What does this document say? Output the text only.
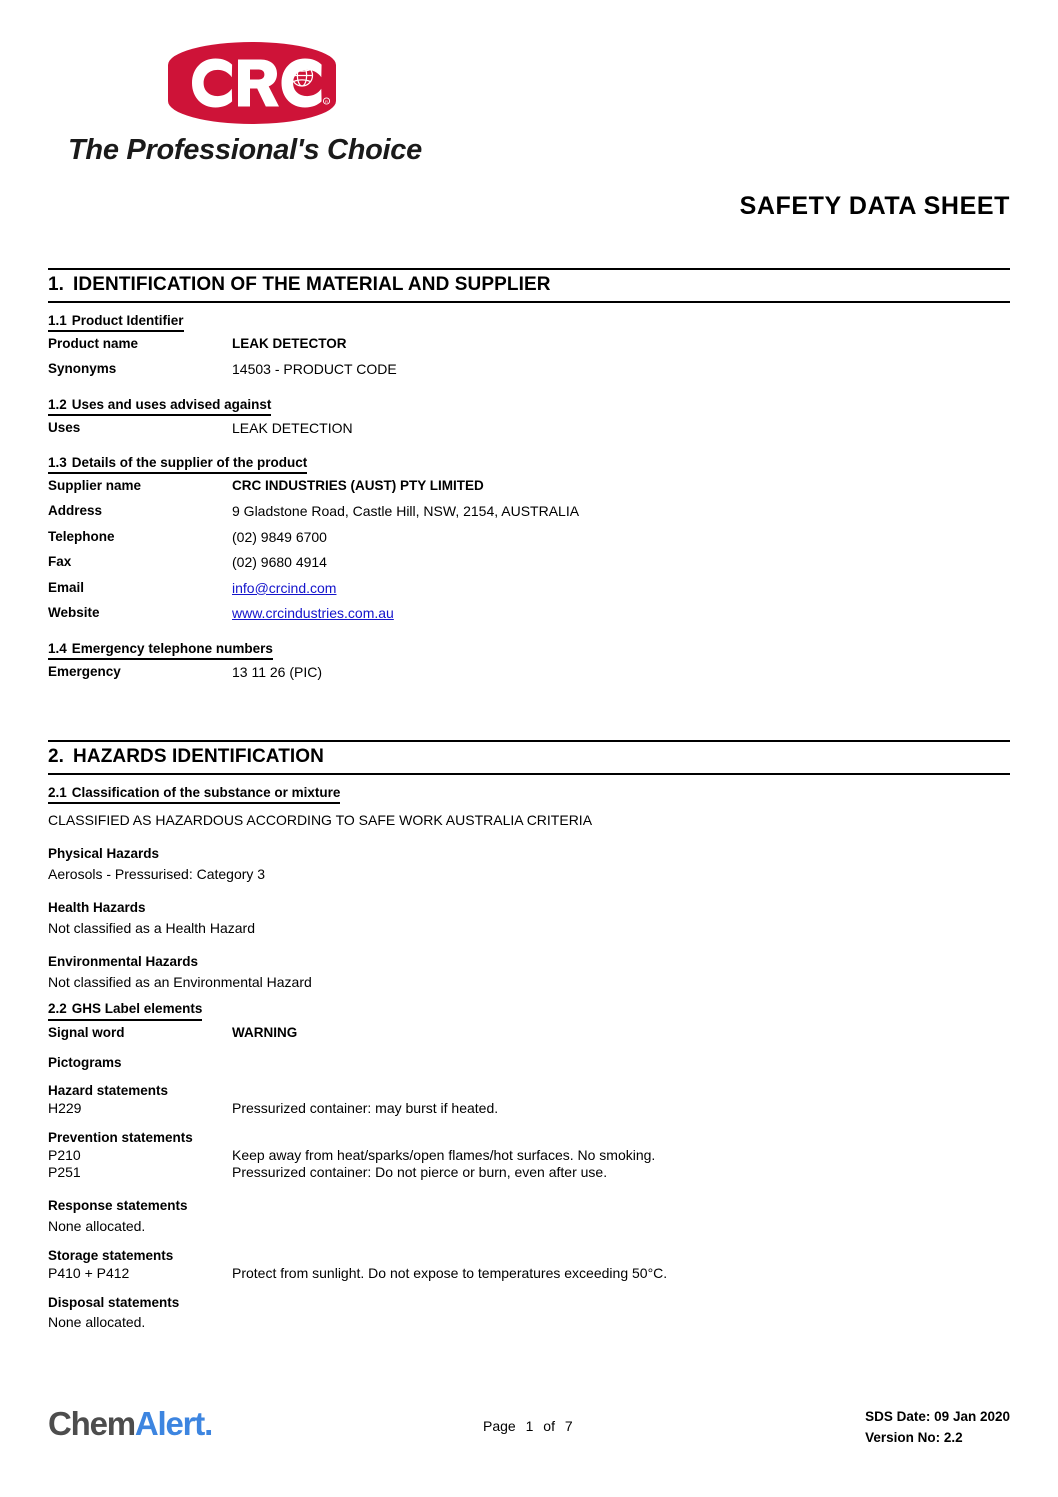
R
The Professional's Choice
SAFETY DATA SHEET
1. IDENTIFICATION OF THE MATERIAL AND SUPPLIER
1.1 Product Identifier
Product name	LEAK DETECTOR
Synonyms	14503 - PRODUCT CODE
1.2 Uses and uses advised against
Uses	LEAK DETECTION
1.3 Details of the supplier of the product
Supplier name	CRC INDUSTRIES (AUST) PTY LIMITED
Address	9 Gladstone Road, Castle Hill, NSW, 2154, AUSTRALIA
Telephone	(02) 9849 6700
Fax	(02) 9680 4914
Email	info@crcind.com
Website	www.crcindustries.com.au
1.4 Emergency telephone numbers
Emergency	13 11 26 (PIC)
2. HAZARDS IDENTIFICATION
2.1 Classification of the substance or mixture
CLASSIFIED AS HAZARDOUS ACCORDING TO SAFE WORK AUSTRALIA CRITERIA
Physical Hazards
Aerosols - Pressurised: Category 3
Health Hazards
Not classified as a Health Hazard
Environmental Hazards
Not classified as an Environmental Hazard
2.2 GHS Label elements
Signal word	WARNING
Pictograms
Hazard statements
H229	Pressurized container: may burst if heated.
Prevention statements
P210	Keep away from heat/sparks/open flames/hot surfaces. No smoking.
P251	Pressurized container: Do not pierce or burn, even after use.
Response statements
None allocated.
Storage statements
P410 + P412	Protect from sunlight. Do not expose to temperatures exceeding 50°C.
Disposal statements
None allocated.
ChemAlert.	Page 1 of 7
SDS Date: 09 Jan 2020
Version No: 2.2
